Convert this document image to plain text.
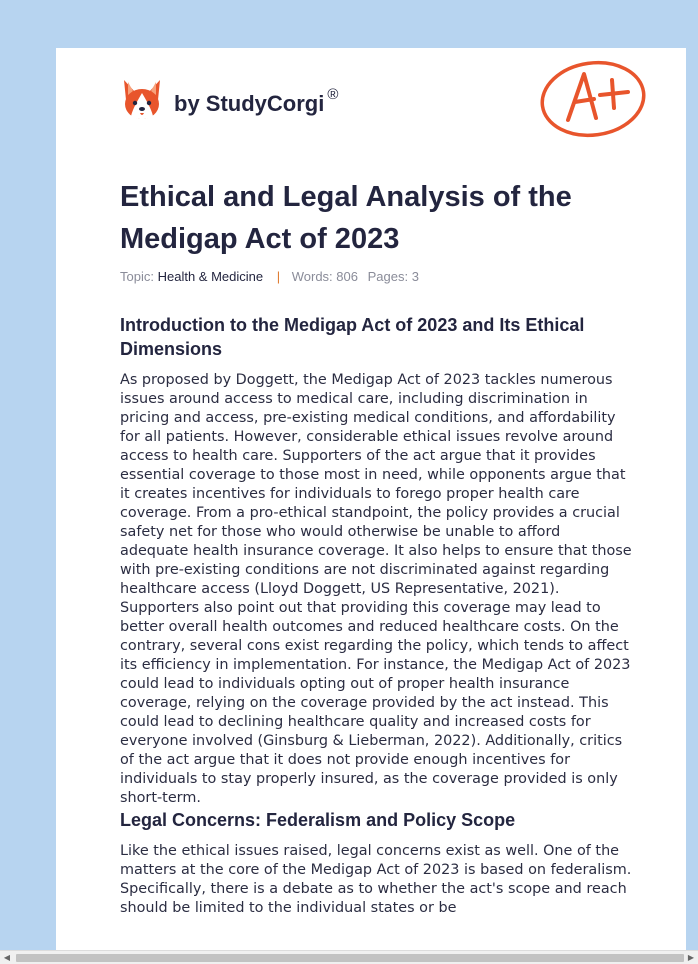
by StudyCorgi ®
Ethical and Legal Analysis of the Medigap Act of 2023
Topic: Health & Medicine | Words: 806 Pages: 3
Introduction to the Medigap Act of 2023 and Its Ethical Dimensions

As proposed by Doggett, the Medigap Act of 2023 tackles numerous issues around access to medical care, including discrimination in pricing and access, pre-existing medical conditions, and affordability for all patients. However, considerable ethical issues revolve around access to health care. Supporters of the act argue that it provides essential coverage to those most in need, while opponents argue that it creates incentives for individuals to forego proper health care coverage. From a pro-ethical standpoint, the policy provides a crucial safety net for those who would otherwise be unable to afford adequate health insurance coverage. It also helps to ensure that those with pre-existing conditions are not discriminated against regarding healthcare access (Lloyd Doggett, US Representative, 2021). Supporters also point out that providing this coverage may lead to better overall health outcomes and reduced healthcare costs. On the contrary, several cons exist regarding the policy, which tends to affect its efficiency in implementation. For instance, the Medigap Act of 2023 could lead to individuals opting out of proper health insurance coverage, relying on the coverage provided by the act instead. This could lead to declining healthcare quality and increased costs for everyone involved (Ginsburg & Lieberman, 2022). Additionally, critics of the act argue that it does not provide enough incentives for individuals to stay properly insured, as the coverage provided is only short-term.

Legal Concerns: Federalism and Policy Scope

Like the ethical issues raised, legal concerns exist as well. One of the matters at the core of the Medigap Act of 2023 is based on federalism. Specifically, there is a debate as to whether the act's scope and reach should be limited to the individual states or be

◀	▶
